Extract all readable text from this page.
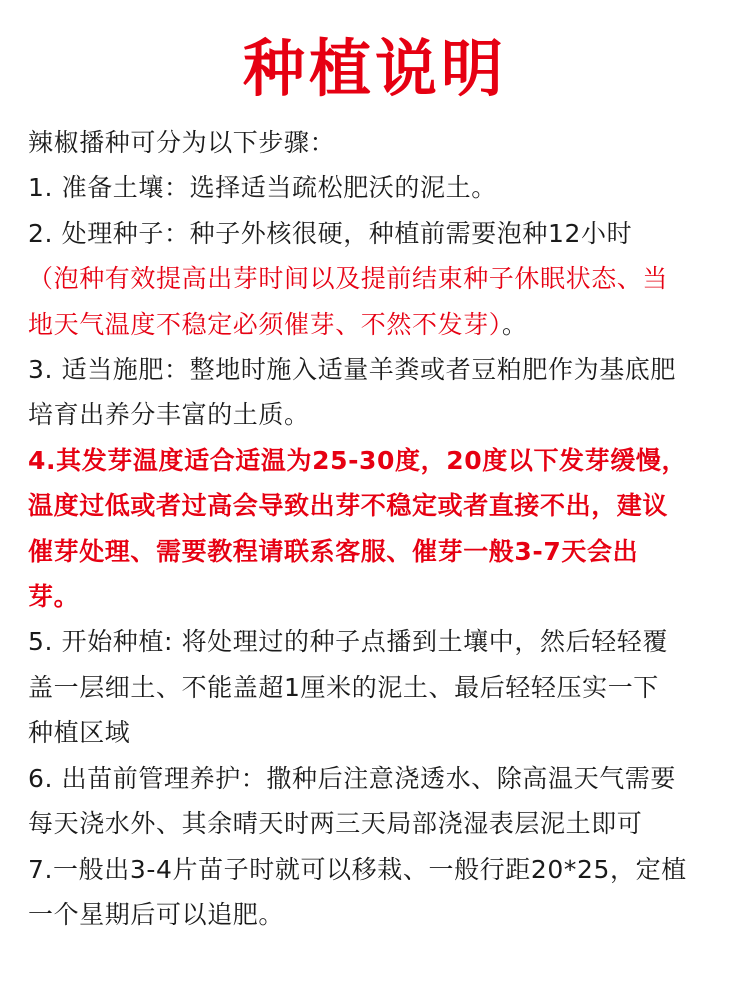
种植说明
辣椒播种可分为以下步骤：
1. 准备土壤：选择适当疏松肥沃的泥土。
2. 处理种子：种子外核很硬，种植前需要泡种12小时
（泡种有效提高出芽时间以及提前结束种子休眠状态、当
地天气温度不稳定必须催芽、不然不发芽）。
3. 适当施肥：整地时施入适量羊粪或者豆粕肥作为基底肥
培育出养分丰富的土质。
4.其发芽温度适合适温为25-30度，20度以下发芽缓慢，
温度过低或者过高会导致出芽不稳定或者直接不出，建议
催芽处理、需要教程请联系客服、催芽一般3-7天会出
芽。
5. 开始种植: 将处理过的种子点播到土壤中，然后轻轻覆
盖一层细土、不能盖超1厘米的泥土、最后轻轻压实一下
种植区域
6. 出苗前管理养护：撒种后注意浇透水、除高温天气需要
每天浇水外、其余晴天时两三天局部浇湿表层泥土即可
7.一般出3-4片苗子时就可以移栽、一般行距20*25，定植
一个星期后可以追肥。
